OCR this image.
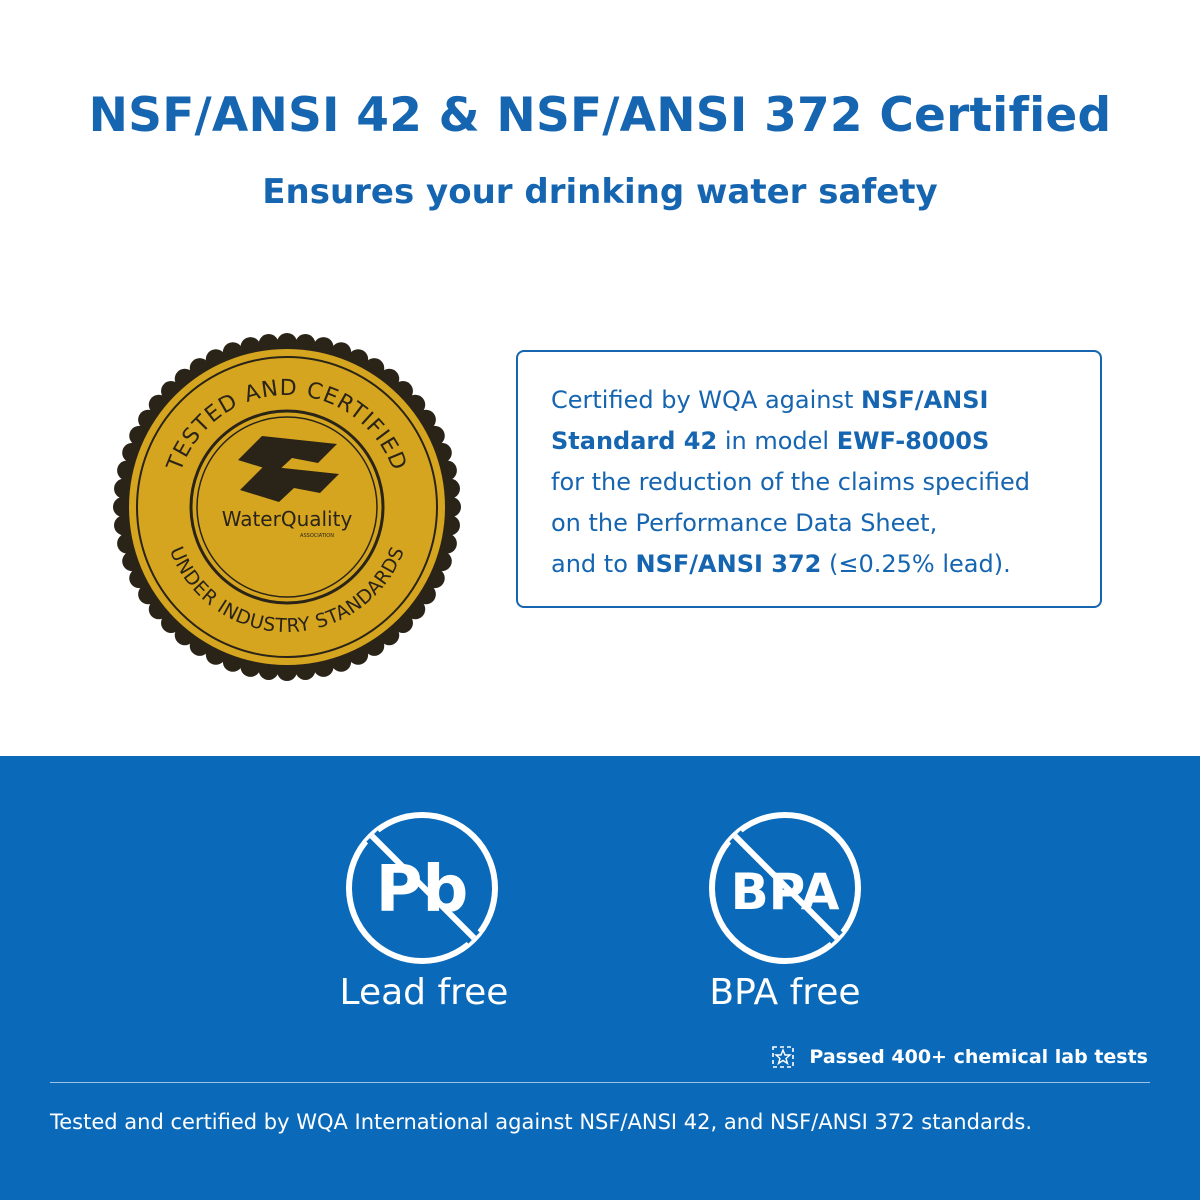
NSF/ANSI 42 & NSF/ANSI 372 Certified
Ensures your drinking water safety
TESTED AND CERTIFIED
UNDER INDUSTRY STANDARDS
WaterQuality
ASSOCIATION
Certified by WQA against NSF/ANSI
Standard 42 in model EWF-8000S
for the reduction of the claims specified
on the Performance Data Sheet,
and to NSF/ANSI 372 (≤0.25% lead).
Pb
Lead free
BPA
BPA free
Passed 400+ chemical lab tests
Tested and certified by WQA International against NSF/ANSI 42, and NSF/ANSI 372 standards.
